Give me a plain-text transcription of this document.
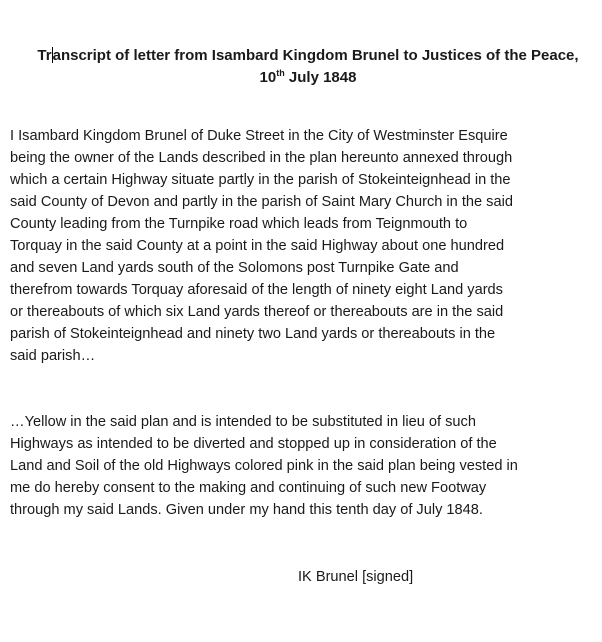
Transcript of letter from Isambard Kingdom Brunel to Justices of the Peace,
10th July 1848
I Isambard Kingdom Brunel of Duke Street in the City of Westminster Esquire
being the owner of the Lands described in the plan hereunto annexed through
which a certain Highway situate partly in the parish of Stokeinteignhead in the
said County of Devon and partly in the parish of Saint Mary Church in the said
County leading from the Turnpike road which leads from Teignmouth to
Torquay in the said County at a point in the said Highway about one hundred
and seven Land yards south of the Solomons post Turnpike Gate and
therefrom towards Torquay aforesaid of the length of ninety eight Land yards
or thereabouts of which six Land yards thereof or thereabouts are in the said
parish of Stokeinteignhead and ninety two Land yards or thereabouts in the
said parish…
…Yellow in the said plan and is intended to be substituted in lieu of such
Highways as intended to be diverted and stopped up in consideration of the
Land and Soil of the old Highways colored pink in the said plan being vested in
me do hereby consent to the making and continuing of such new Footway
through my said Lands. Given under my hand this tenth day of July 1848.
IK Brunel [signed]
